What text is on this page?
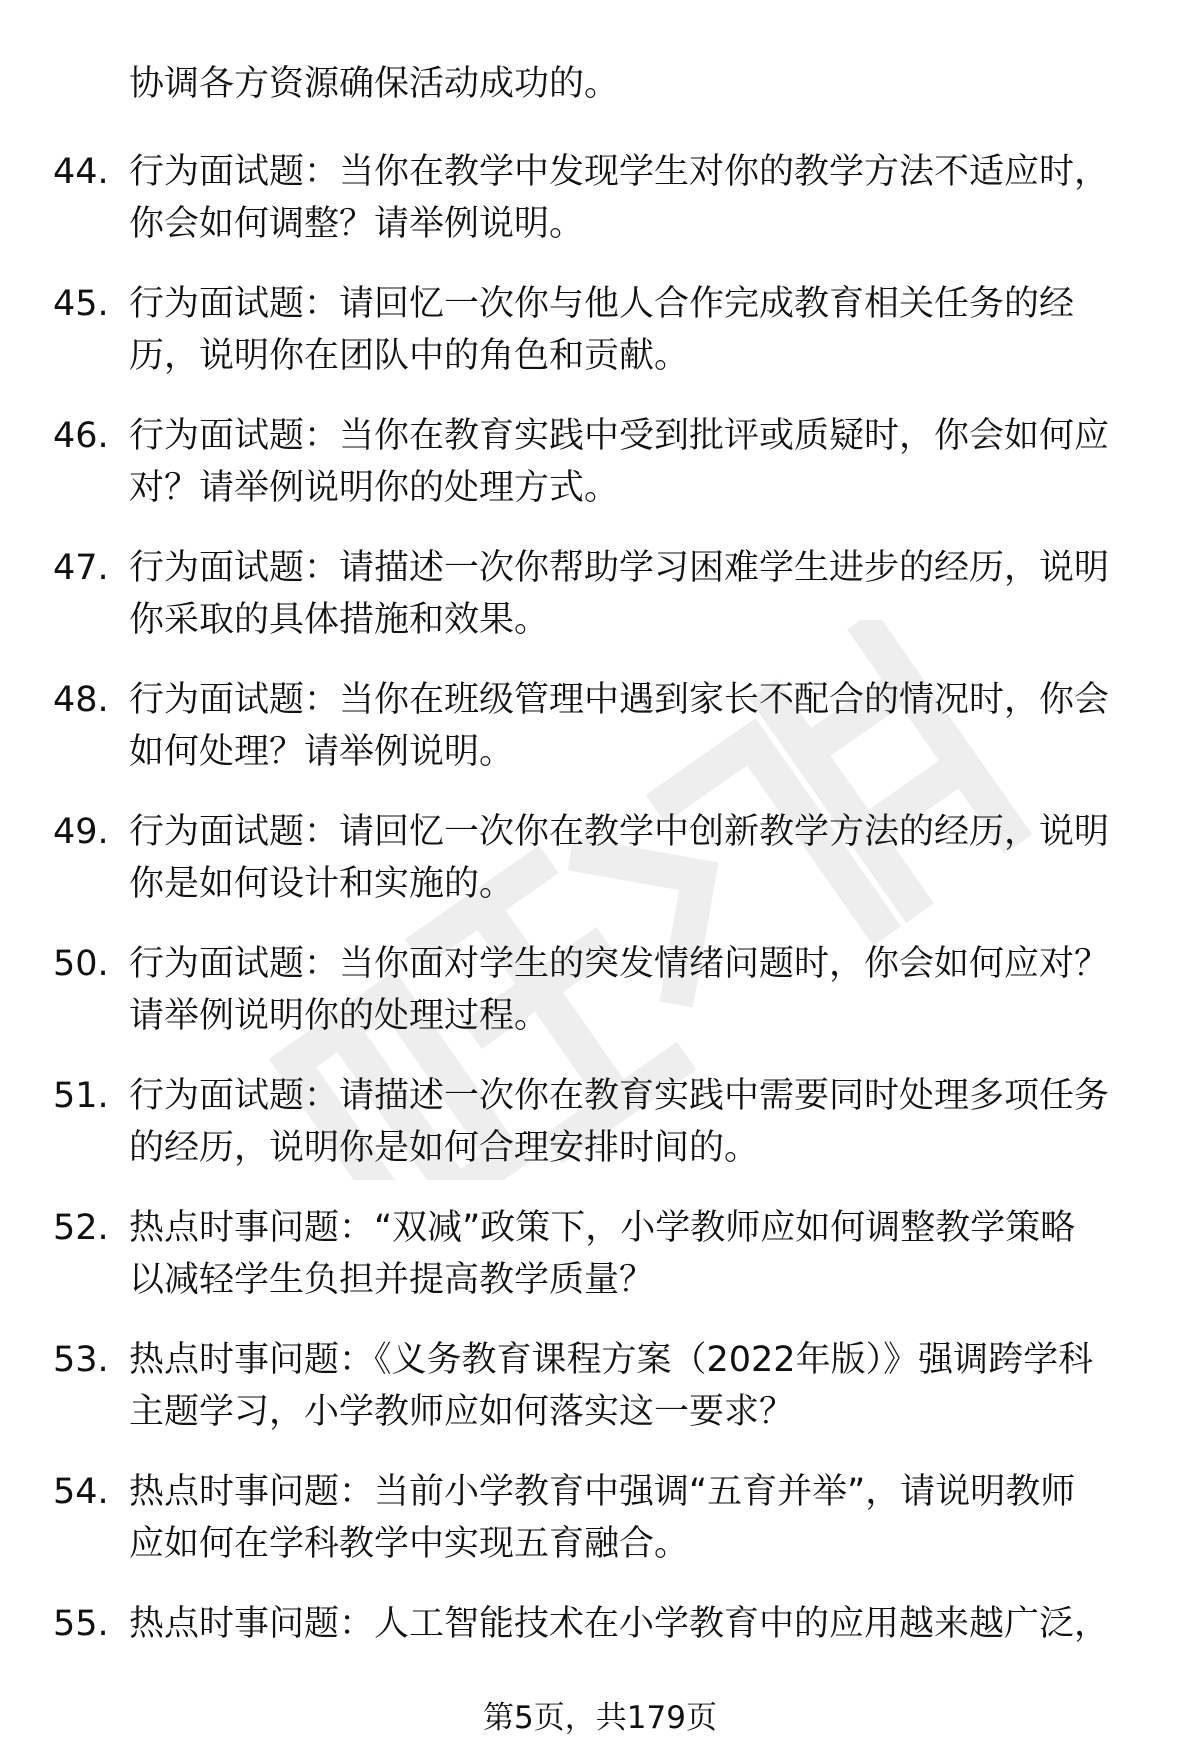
协调各方资源确保活动成功的。
44. 行为面试题：当你在教学中发现学生对你的教学方法不适应时，
你会如何调整？请举例说明。
45. 行为面试题：请回忆一次你与他人合作完成教育相关任务的经
历，说明你在团队中的角色和贡献。
46. 行为面试题：当你在教育实践中受到批评或质疑时，你会如何应
对？请举例说明你的处理方式。
47. 行为面试题：请描述一次你帮助学习困难学生进步的经历，说明
你采取的具体措施和效果。
48. 行为面试题：当你在班级管理中遇到家长不配合的情况时，你会
如何处理？请举例说明。
49. 行为面试题：请回忆一次你在教学中创新教学方法的经历，说明
你是如何设计和实施的。
50. 行为面试题：当你面对学生的突发情绪问题时，你会如何应对？
请举例说明你的处理过程。
51. 行为面试题：请描述一次你在教育实践中需要同时处理多项任务
的经历，说明你是如何合理安排时间的。
52. 热点时事问题：“双减”政策下，小学教师应如何调整教学策略
以减轻学生负担并提高教学质量？
53. 热点时事问题：《义务教育课程方案（2022年版）》强调跨学科
主题学习，小学教师应如何落实这一要求？
54. 热点时事问题：当前小学教育中强调“五育并举”，请说明教师
应如何在学科教学中实现五育融合。
55. 热点时事问题：人工智能技术在小学教育中的应用越来越广泛，
第5页，共179页
